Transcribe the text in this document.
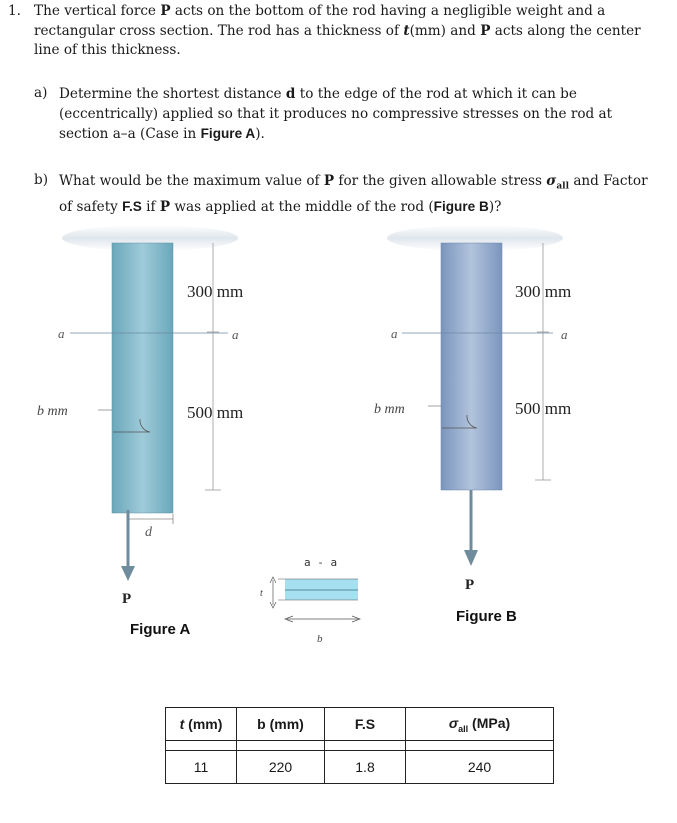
1. The vertical force P acts on the bottom of the rod having a negligible weight and a rectangular cross section. The rod has a thickness of t(mm) and P acts along the center line of this thickness.

a) Determine the shortest distance d to the edge of the rod at which it can be (eccentrically) applied so that it produces no compressive stresses on the rod at section a–a (Case in Figure A).

b) What would be the maximum value of P for the given allowable stress $\sigma_{all}$ and Factor of safety F.S if P was applied at the middle of the rod (Figure B)?

a	a
b mm
300 mm
500 mm
d
P
Figure A
a - a
t
b
a	a
b mm
300 mm
500 mm
P
Figure B
t (mm)	b (mm)	F.S	$\sigma_{all}$ (MPa)

11	220	1.8	240
